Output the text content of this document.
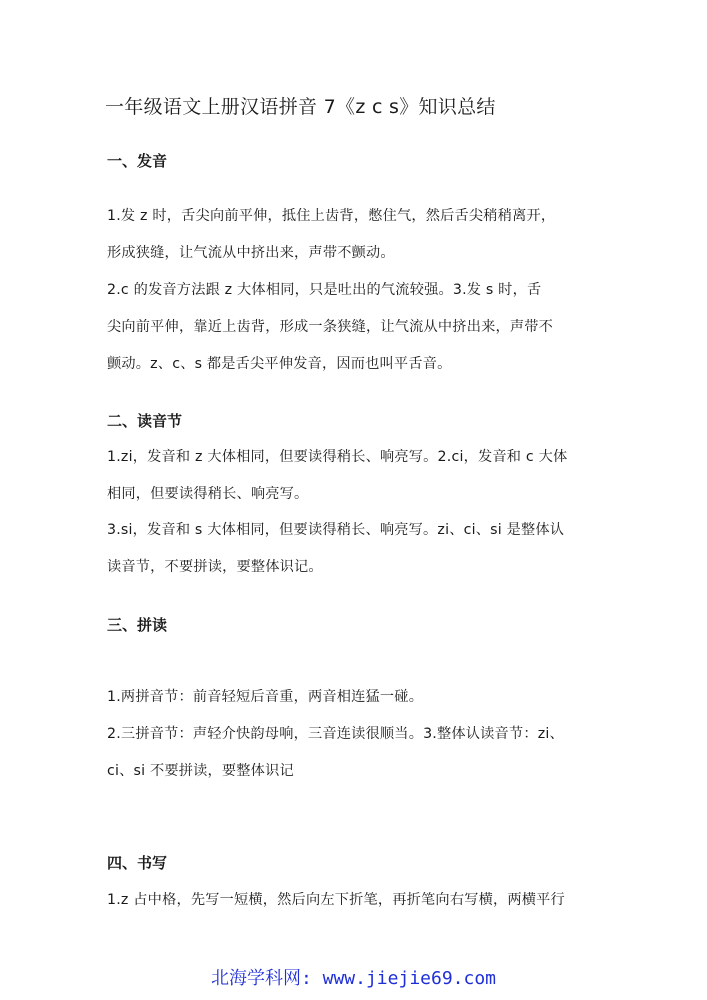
一年级语文上册汉语拼音 7《z c s》知识总结
一、发音
1.发 z 时，舌尖向前平伸，抵住上齿背，憋住气，然后舌尖稍稍离开，
形成狭缝，让气流从中挤出来，声带不颤动。
2.c 的发音方法跟 z 大体相同，只是吐出的气流较强。3.发 s 时，舌
尖向前平伸，靠近上齿背，形成一条狭缝，让气流从中挤出来，声带不
颤动。z、c、s 都是舌尖平伸发音，因而也叫平舌音。
二、读音节
1.zi，发音和 z 大体相同，但要读得稍长、响亮写。2.ci，发音和 c 大体
相同，但要读得稍长、响亮写。
3.si，发音和 s 大体相同，但要读得稍长、响亮写。zi、ci、si 是整体认
读音节，不要拼读，要整体识记。
三、拼读
1.两拼音节：前音轻短后音重，两音相连猛一碰。
2.三拼音节：声轻介快韵母响，三音连读很顺当。3.整体认读音节：zi、
ci、si 不要拼读，要整体识记
四、书写
1.z 占中格，先写一短横，然后向左下折笔，再折笔向右写横，两横平行
北海学科网: www.jiejie69.com
